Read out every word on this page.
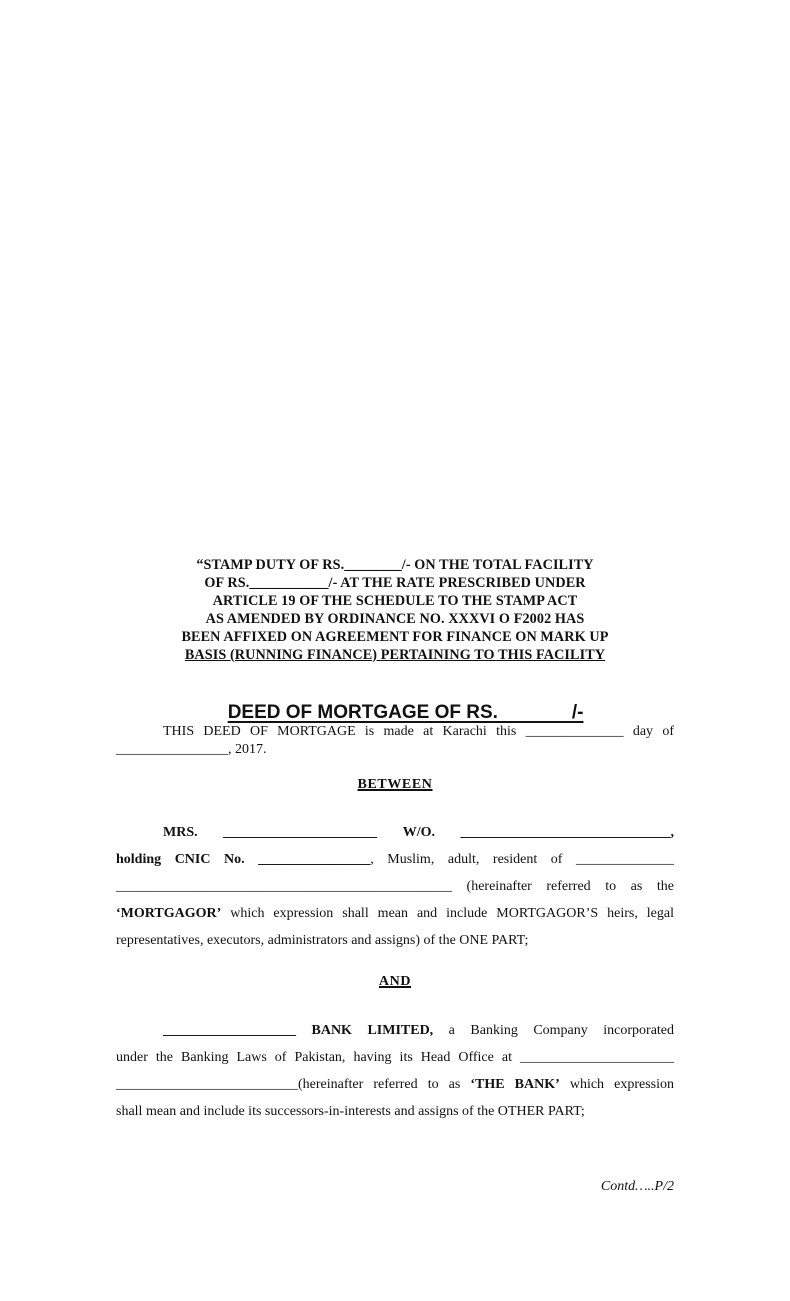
“STAMP DUTY OF RS.________/- ON THE TOTAL FACILITY
OF RS.___________/- AT THE RATE PRESCRIBED UNDER
ARTICLE 19 OF THE SCHEDULE TO THE STAMP ACT
AS AMENDED BY ORDINANCE NO. XXXVI O F2002 HAS
BEEN AFFIXED ON AGREEMENT FOR FINANCE ON MARK UP
BASIS (RUNNING FINANCE) PERTAINING TO THIS FACILITY

DEED OF MORTGAGE OF RS.              /-

THIS DEED OF MORTGAGE is made at Karachi this ______________ day of
________________, 2017.
BETWEEN
MRS. ______________________ W/O. ______________________________,
holding CNIC No. ________________, Muslim, adult, resident of ______________
________________________________________________ (hereinafter referred to as the
‘MORTGAGOR’ which expression shall mean and include MORTGAGOR’S heirs, legal
representatives, executors, administrators and assigns) of the ONE PART;
AND
___________________ BANK LIMITED, a Banking Company incorporated
under the Banking Laws of Pakistan, having its Head Office at ______________________
__________________________(hereinafter referred to as ‘THE BANK’ which expression
shall mean and include its successors-in-interests and assigns of the OTHER PART;
Contd…..P/2
